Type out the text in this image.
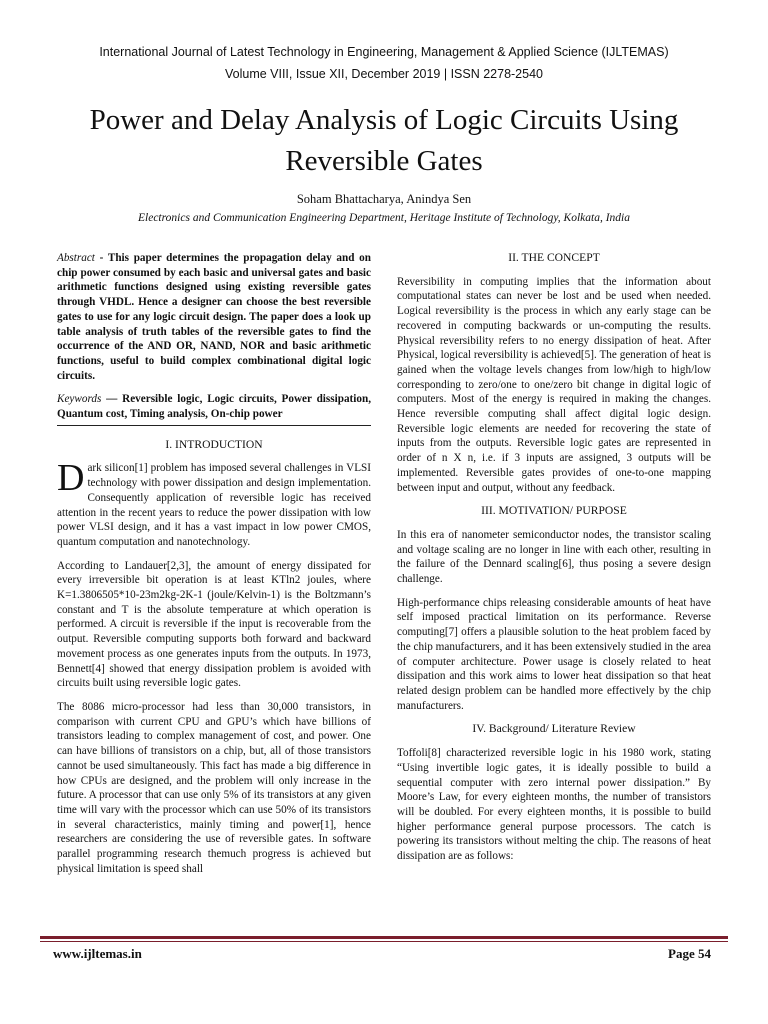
International Journal of Latest Technology in Engineering, Management & Applied Science (IJLTEMAS)
Volume VIII, Issue XII, December 2019 | ISSN 2278-2540
Power and Delay Analysis of Logic Circuits Using Reversible Gates
Soham Bhattacharya, Anindya Sen
Electronics and Communication Engineering Department, Heritage Institute of Technology, Kolkata, India

Abstract - This paper determines the propagation delay and on chip power consumed by each basic and universal gates and basic arithmetic functions designed using existing reversible gates through VHDL. Hence a designer can choose the best reversible gates to use for any logic circuit design. The paper does a look up table analysis of truth tables of the reversible gates to find the occurrence of the AND OR, NAND, NOR and basic arithmetic functions, useful to build complex combinational digital logic circuits.

Keywords — Reversible logic, Logic circuits, Power dissipation, Quantum cost, Timing analysis, On-chip power

I. INTRODUCTION

Dark silicon[1] problem has imposed several challenges in VLSI technology with power dissipation and design implementation. Consequently application of reversible logic has received attention in the recent years to reduce the power dissipation with low power VLSI design, and it has a vast impact in low power CMOS, quantum computation and nanotechnology.

According to Landauer[2,3], the amount of energy dissipated for every irreversible bit operation is at least KTln2 joules, where K=1.3806505*10-23m2kg-2K-1 (joule/Kelvin-1) is the Boltzmann’s constant and T is the absolute temperature at which operation is performed. A circuit is reversible if the input is recoverable from the output. Reversible computing supports both forward and backward movement process as one generates inputs from the outputs. In 1973, Bennett[4] showed that energy dissipation problem is avoided with circuits built using reversible logic gates.

The 8086 micro-processor had less than 30,000 transistors, in comparison with current CPU and GPU’s which have billions of transistors leading to complex management of cost, and power. One can have billions of transistors on a chip, but, all of those transistors cannot be used simultaneously. This fact has made a big difference in how CPUs are designed, and the problem will only increase in the future. A processor that can use only 5% of its transistors at any given time will vary with the processor which can use 50% of its transistors in several characteristics, mainly timing and power[1], hence researchers are considering the use of reversible gates. In software parallel programming research themuch progress is achieved but physical limitation is speed shall

II. THE CONCEPT

Reversibility in computing implies that the information about computational states can never be lost and be used when needed. Logical reversibility is the process in which any early stage can be recovered in computing backwards or un-computing the results. Physical reversibility refers to no energy dissipation of heat. After Physical, logical reversibility is achieved[5]. The generation of heat is gained when the voltage levels changes from low/high to high/low corresponding to zero/one to one/zero bit change in digital logic of computers. Most of the energy is required in making the changes. Hence reversible computing shall affect digital logic design. Reversible logic elements are needed for recovering the state of inputs from the outputs. Reversible logic gates are represented in order of n X n, i.e. if 3 inputs are assigned, 3 outputs will be implemented. Reversible gates provides of one-to-one mapping between input and output, without any feedback.

III. MOTIVATION/ PURPOSE

In this era of nanometer semiconductor nodes, the transistor scaling and voltage scaling are no longer in line with each other, resulting in the failure of the Dennard scaling[6], thus posing a severe design challenge.

High-performance chips releasing considerable amounts of heat have self imposed practical limitation on its performance. Reverse computing[7] offers a plausible solution to the heat problem faced by the chip manufacturers, and it has been extensively studied in the area of computer architecture. Power usage is closely related to heat dissipation and this work aims to lower heat dissipation so that heat related design problem can be handled more effectively by the chip manufacturers.

IV. Background/ Literature Review

Toffoli[8] characterized reversible logic in his 1980 work, stating “Using invertible logic gates, it is ideally possible to build a sequential computer with zero internal power dissipation.” By Moore’s Law, for every eighteen months, the number of transistors will be doubled. For every eighteen months, it is possible to build higher performance general purpose processors. The catch is powering its transistors without melting the chip. The reasons of heat dissipation are as follows:

www.ijltemas.in	Page 54
